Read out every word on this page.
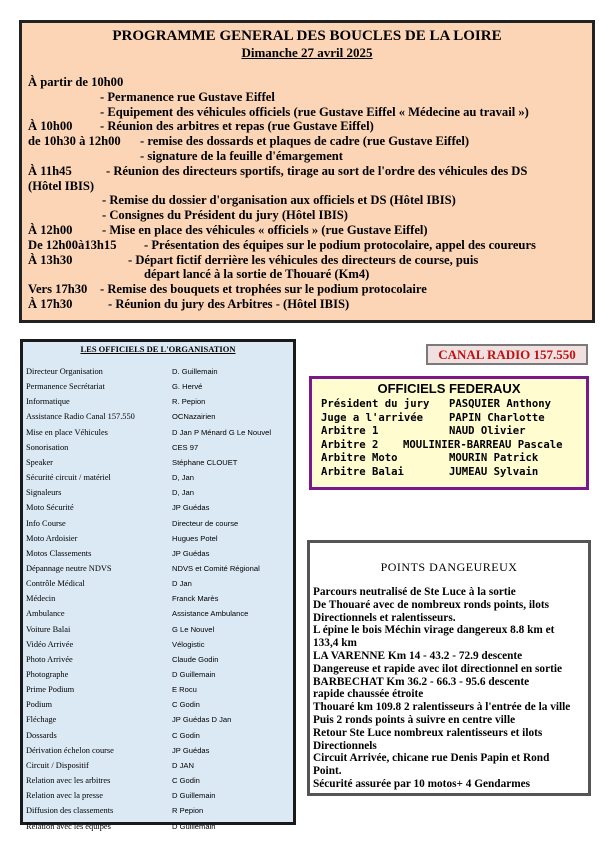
PROGRAMME GENERAL DES BOUCLES DE LA LOIRE
Dimanche 27 avril 2025
À partir de 10h00
- Permanence rue Gustave Eiffel
- Equipement des véhicules officiels (rue Gustave Eiffel « Médecine au travail »)
À 10h00 - Réunion des arbitres et repas (rue Gustave Eiffel)
de 10h30 à 12h00 - remise des dossards et plaques de cadre (rue Gustave Eiffel)
- signature de la feuille d'émargement
À 11h45	- Réunion des directeurs sportifs, tirage au sort de l'ordre des véhicules des DS
(Hôtel IBIS)
- Remise du dossier d'organisation aux officiels et DS (Hôtel IBIS)
- Consignes du Président du jury (Hôtel IBIS)
À 12h00 - Mise en place des véhicules « officiels » (rue Gustave Eiffel)
De 12h00à13h15 - Présentation des équipes sur le podium protocolaire, appel des coureurs
À 13h30	- Départ fictif derrière les véhicules des directeurs de course, puis
départ lancé à la sortie de Thouaré (Km4)
Vers 17h30 - Remise des bouquets et trophées sur le podium protocolaire
À 17h30	- Réunion du jury des Arbitres - (Hôtel IBIS)
LES OFFICIELS DE L'ORGANISATION
Directeur Organisation	D. Guillemain
Permanence Secrétariat	G. Hervé
Informatique	R. Pepion
Assistance Radio Canal 157.550	OCNazairien
Mise en place Véhicules	D Jan P Ménard G Le Nouvel
Sonorisation	CES 97
Speaker	Stéphane CLOUET
Sécurité circuit / matériel	D, Jan
Signaleurs	D, Jan
Moto Sécurité	JP Guédas
Info Course	Directeur de course
Moto Ardoisier	Hugues Potel
Motos Classements	JP Guédas
Dépannage neutre NDVS	NDVS et Comité Régional
Contrôle Médical	D Jan
Médecin	Franck Marès
Ambulance	Assistance Ambulance
Voiture Balai	G Le Nouvel
Vidéo Arrivée	Vélogistic
Photo Arrivée	Claude Godin
Photographe	D Guillemain
Prime Podium	E Rocu
Podium	C Godin
Fléchage	JP Guédas D Jan
Dossards	C Godin
Dérivation échelon course	JP Guédas
Circuit / Dispositif	D JAN
Relation avec les arbitres	C Godin
Relation avec la presse	D Guillemain
Diffusion des classements	R Pepion
Relation avec les équipes	D Guillemain
CANAL RADIO 157.550
OFFICIELS FEDERAUX
Président du jury PASQUIER Anthony
Juge a l'arrivée PAPIN Charlotte
Arbitre 1	NAUD Olivier
Arbitre 2 MOULINIER-BARREAU Pascale
Arbitre Moto	MOURIN Patrick
Arbitre Balai	JUMEAU Sylvain
POINTS DANGEUREUX
Parcours neutralisé de Ste Luce à la sortie
De Thouaré avec de nombreux ronds points, ilots
Directionnels et ralentisseurs.
L épine le bois Méchin virage dangereux 8.8 km et
133,4 km
LA VARENNE Km 14 - 43.2 - 72.9 descente
Dangereuse et rapide avec ilot directionnel en sortie
BARBECHAT Km 36.2 - 66.3 - 95.6 descente
rapide chaussée étroite
Thouaré km 109.8 2 ralentisseurs à l'entrée de la ville
Puis 2 ronds points à suivre en centre ville
Retour Ste Luce nombreux ralentisseurs et ilots
Directionnels
Circuit Arrivée, chicane rue Denis Papin et Rond
Point.
Sécurité assurée par 10 motos+ 4 Gendarmes
